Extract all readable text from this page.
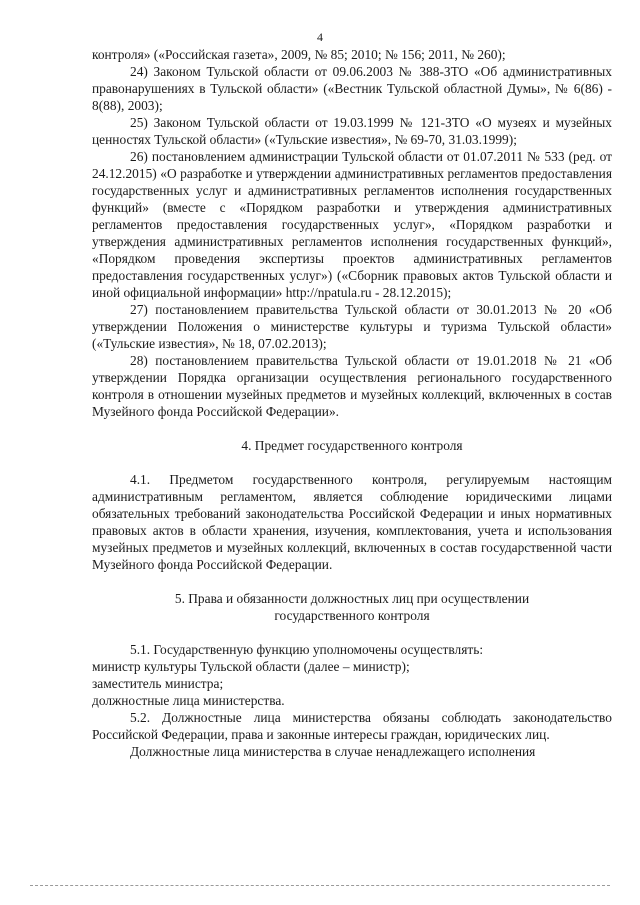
4

контроля» («Российская газета», 2009, № 85; 2010; № 156; 2011, № 260);

24) Законом Тульской области от 09.06.2003 № 388-ЗТО «Об административных правонарушениях в Тульской области» («Вестник Тульской областной Думы», № 6(86) - 8(88), 2003);

25) Законом Тульской области от 19.03.1999 № 121-ЗТО «О музеях и музейных ценностях Тульской области» («Тульские известия», № 69-70, 31.03.1999);

26) постановлением администрации Тульской области от 01.07.2011 № 533 (ред. от 24.12.2015) «О разработке и утверждении административных регламентов предоставления государственных услуг и административных регламентов исполнения государственных функций» (вместе с «Порядком разработки и утверждения административных регламентов предоставления государственных услуг», «Порядком разработки и утверждения административных регламентов исполнения государственных функций», «Порядком проведения экспертизы проектов административных регламентов предоставления государственных услуг») («Сборник правовых актов Тульской области и иной официальной информации» http://npatula.ru - 28.12.2015);

27) постановлением правительства Тульской области от 30.01.2013 № 20 «Об утверждении Положения о министерстве культуры и туризма Тульской области» («Тульские известия», № 18, 07.02.2013);

28) постановлением правительства Тульской области от 19.01.2018 № 21 «Об утверждении Порядка организации осуществления регионального государственного контроля в отношении музейных предметов и музейных коллекций, включенных в состав Музейного фонда Российской Федерации».

4. Предмет государственного контроля

4.1. Предметом государственного контроля, регулируемым настоящим административным регламентом, является соблюдение юридическими лицами обязательных требований законодательства Российской Федерации и иных нормативных правовых актов в области хранения, изучения, комплектования, учета и использования музейных предметов и музейных коллекций, включенных в состав государственной части Музейного фонда Российской Федерации.

5. Права и обязанности должностных лиц при осуществлении

государственного контроля

5.1. Государственную функцию уполномочены осуществлять:

министр культуры Тульской области (далее – министр);

заместитель министра;

должностные лица министерства.

5.2. Должностные лица министерства обязаны соблюдать законодательство Российской Федерации, права и законные интересы граждан, юридических лиц.

Должностные лица министерства в случае ненадлежащего исполнения
